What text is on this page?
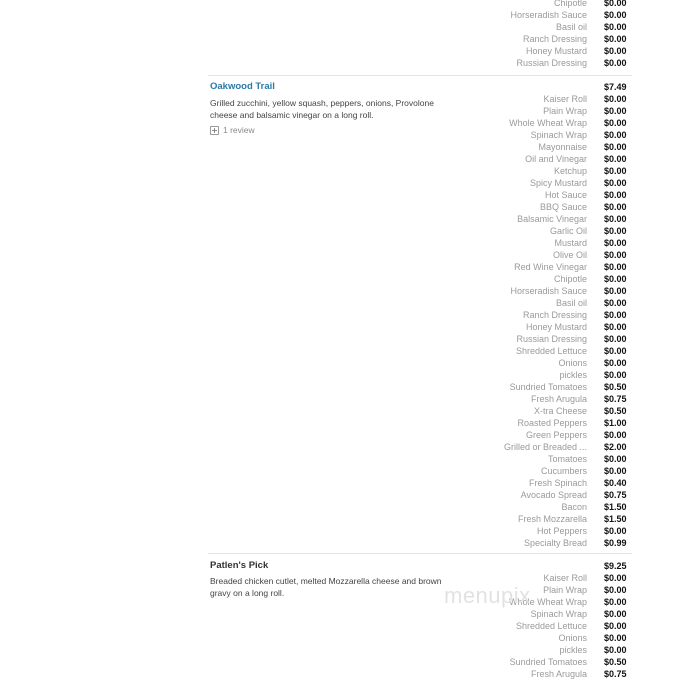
Chipotle $0.00
Horseradish Sauce $0.00
Basil oil $0.00
Ranch Dressing $0.00
Honey Mustard $0.00
Russian Dressing $0.00
Oakwood Trail	$7.49
Grilled zucchini, yellow squash, peppers, onions, Provolone cheese and balsamic vinegar on a long roll.
1 review
Kaiser Roll $0.00
Plain Wrap $0.00
Whole Wheat Wrap $0.00
Spinach Wrap $0.00
Mayonnaise $0.00
Oil and Vinegar $0.00
Ketchup $0.00
Spicy Mustard $0.00
Hot Sauce $0.00
BBQ Sauce $0.00
Balsamic Vinegar $0.00
Garlic Oil $0.00
Mustard $0.00
Olive Oil $0.00
Red Wine Vinegar $0.00
Chipotle $0.00
Horseradish Sauce $0.00
Basil oil $0.00
Ranch Dressing $0.00
Honey Mustard $0.00
Russian Dressing $0.00
Shredded Lettuce $0.00
Onions $0.00
pickles $0.00
Sundried Tomatoes $0.50
Fresh Arugula $0.75
X-tra Cheese $0.50
Roasted Peppers $1.00
Green Peppers $0.00
Grilled or Breaded ... $2.00
Tomatoes $0.00
Cucumbers $0.00
Fresh Spinach $0.40
Avocado Spread $0.75
Bacon $1.50
Fresh Mozzarella $1.50
Hot Peppers $0.00
Specialty Bread $0.99
Patlen's Pick	$9.25
Breaded chicken cutlet, melted Mozzarella cheese and brown gravy on a long roll.
Kaiser Roll $0.00
Plain Wrap $0.00
Whole Wheat Wrap $0.00
Spinach Wrap $0.00
Shredded Lettuce $0.00
Onions $0.00
pickles $0.00
Sundried Tomatoes $0.50
Fresh Arugula $0.75
menupix
